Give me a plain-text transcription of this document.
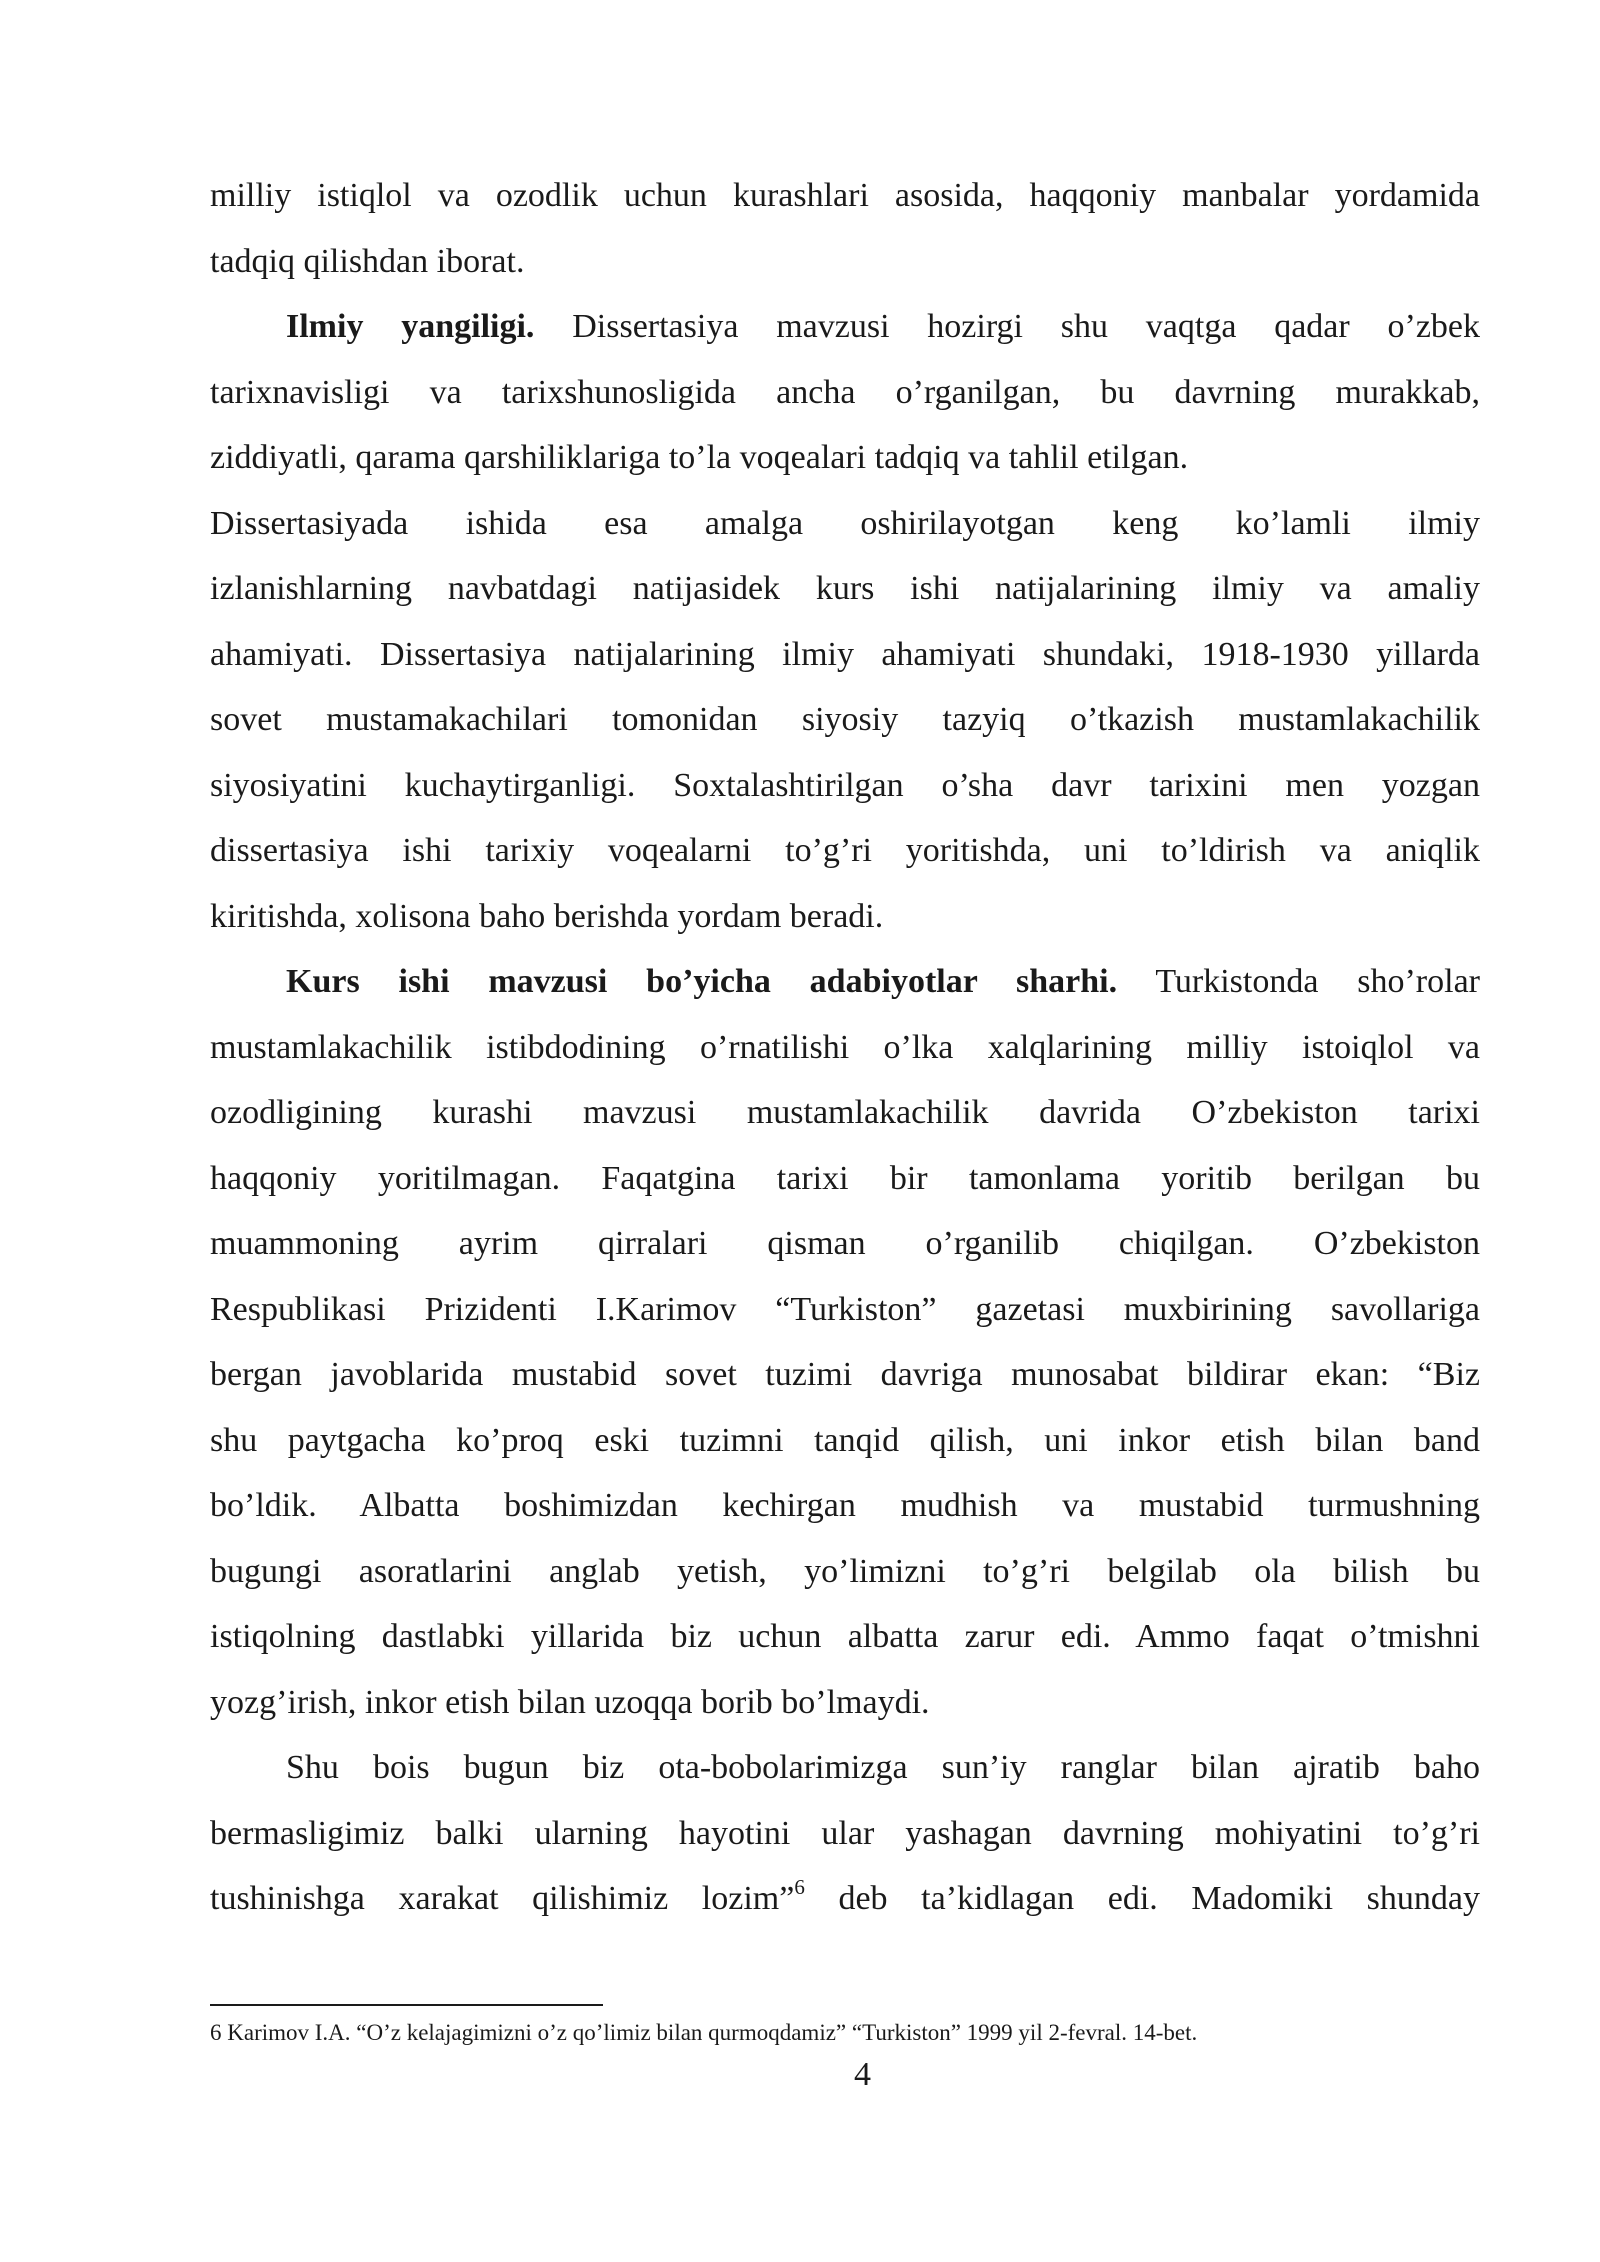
milliy istiqlol va ozodlik uchun kurashlari asosida, haqqoniy manbalar yordamida
tadqiq qilishdan iborat.
Ilmiy yangiligi. Dissertasiya mavzusi hozirgi shu vaqtga qadar o’zbek
tarixnavisligi va tarixshunosligida ancha o’rganilgan, bu davrning murakkab,
ziddiyatli, qarama qarshiliklariga to’la voqealari tadqiq va tahlil etilgan.
Dissertasiyada ishida esa amalga oshirilayotgan keng ko’lamli ilmiy
izlanishlarning navbatdagi natijasidek kurs ishi natijalarining ilmiy va amaliy
ahamiyati. Dissertasiya natijalarining ilmiy ahamiyati shundaki, 1918-1930 yillarda
sovet mustamakachilari tomonidan siyosiy tazyiq o’tkazish mustamlakachilik
siyosiyatini kuchaytirganligi. Soxtalashtirilgan o’sha davr tarixini men yozgan
dissertasiya ishi tarixiy voqealarni to’g’ri yoritishda, uni to’ldirish va aniqlik
kiritishda, xolisona baho berishda yordam beradi.
Kurs ishi mavzusi bo’yicha adabiyotlar sharhi. Turkistonda sho’rolar
mustamlakachilik istibdodining o’rnatilishi o’lka xalqlarining milliy istoiqlol va
ozodligining kurashi mavzusi mustamlakachilik davrida O’zbekiston tarixi
haqqoniy yoritilmagan. Faqatgina tarixi bir tamonlama yoritib berilgan bu
muammoning ayrim qirralari qisman o’rganilib chiqilgan. O’zbekiston
Respublikasi Prizidenti I.Karimov “Turkiston” gazetasi muxbirining savollariga
bergan javoblarida mustabid sovet tuzimi davriga munosabat bildirar ekan: “Biz
shu paytgacha ko’proq eski tuzimni tanqid qilish, uni inkor etish bilan band
bo’ldik. Albatta boshimizdan kechirgan mudhish va mustabid turmushning
bugungi asoratlarini anglab yetish, yo’limizni to’g’ri belgilab ola bilish bu
istiqolning dastlabki yillarida biz uchun albatta zarur edi. Ammo faqat o’tmishni
yozg’irish, inkor etish bilan uzoqqa borib bo’lmaydi.
Shu bois bugun biz ota-bobolarimizga sun’iy ranglar bilan ajratib baho
bermasligimiz balki ularning hayotini ular yashagan davrning mohiyatini to’g’ri
tushinishga xarakat qilishimiz lozim”$^6$ deb ta’kidlagan edi. Madomiki shunday
6 Karimov I.A. “O’z kelajagimizni o’z qo’limiz bilan qurmoqdamiz” “Turkiston” 1999 yil 2-fevral. 14-bet.
4
